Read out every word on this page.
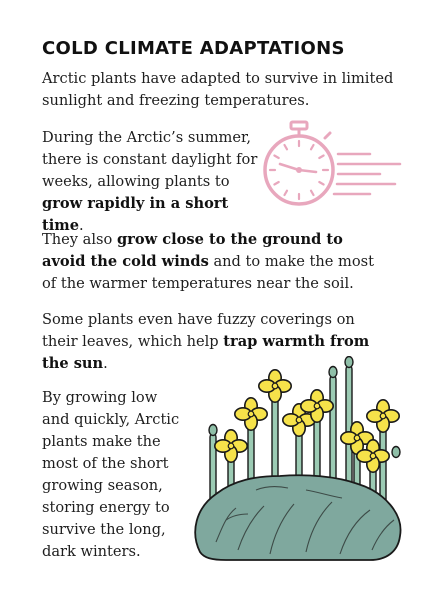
COLD CLIMATE ADAPTATIONS

Arctic plants have adapted to survive in limited sunlight and freezing temperatures.

During the Arctic’s summer, there is constant daylight for weeks, allowing plants to grow rapidly in a short time.

They also grow close to the ground to avoid the cold winds and to make the most of the warmer temperatures near the soil.

Some plants even have fuzzy coverings on their leaves, which help trap warmth from the sun.

By growing low
and quickly, Arctic
plants make the
most of the short
growing season,
storing energy to
survive the long,
dark winters.
